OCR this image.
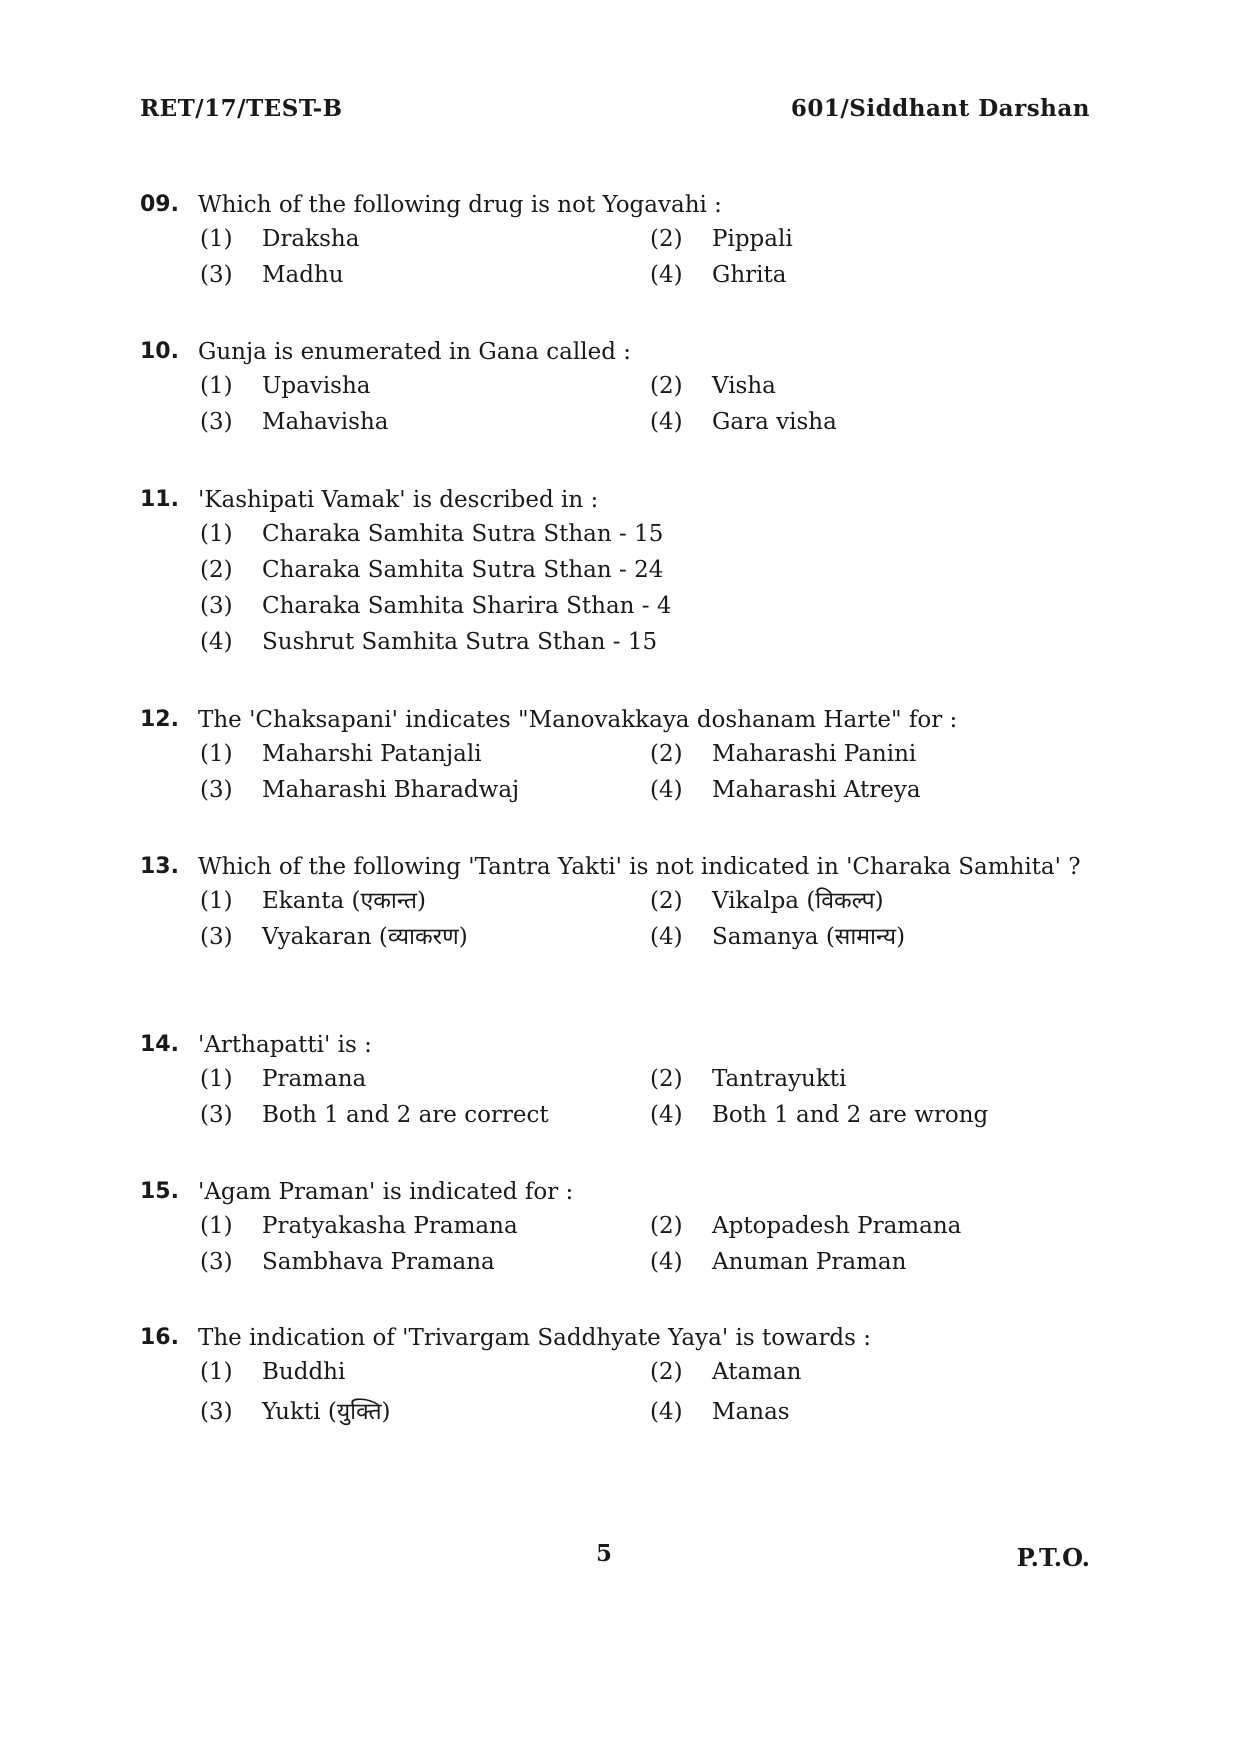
RET/17/TEST-B	601/Siddhant Darshan
09. Which of the following drug is not Yogavahi :
(1)	Draksha	(2)	Pippali
(3)	Madhu	(4)	Ghrita
10. Gunja is enumerated in Gana called :
(1)	Upavisha	(2)	Visha
(3)	Mahavisha	(4)	Gara visha
11. 'Kashipati Vamak' is described in :
(1)	Charaka Samhita Sutra Sthan - 15
(2)	Charaka Samhita Sutra Sthan - 24
(3)	Charaka Samhita Sharira Sthan - 4
(4)	Sushrut Samhita Sutra Sthan - 15
12. The 'Chaksapani' indicates "Manovakkaya doshanam Harte" for :
(1)	Maharshi Patanjali	(2)	Maharashi Panini
(3)	Maharashi Bharadwaj	(4)	Maharashi Atreya
13. Which of the following 'Tantra Yakti' is not indicated in 'Charaka Samhita' ?
(1)	Ekanta (एकान्त)	(2)	Vikalpa (विकल्प)
(3)	Vyakaran (व्याकरण)	(4)	Samanya (सामान्य)
14. 'Arthapatti' is :
(1)	Pramana	(2)	Tantrayukti
(3)	Both 1 and 2 are correct	(4)	Both 1 and 2 are wrong
15. 'Agam Praman' is indicated for :
(1)	Pratyakasha Pramana	(2)	Aptopadesh Pramana
(3)	Sambhava Pramana	(4)	Anuman Praman
16. The indication of 'Trivargam Saddhyate Yaya' is towards :
(1)	Buddhi	(2)	Ataman
(3)	Yukti (युक्ति)	(4)	Manas
5	P.T.O.
